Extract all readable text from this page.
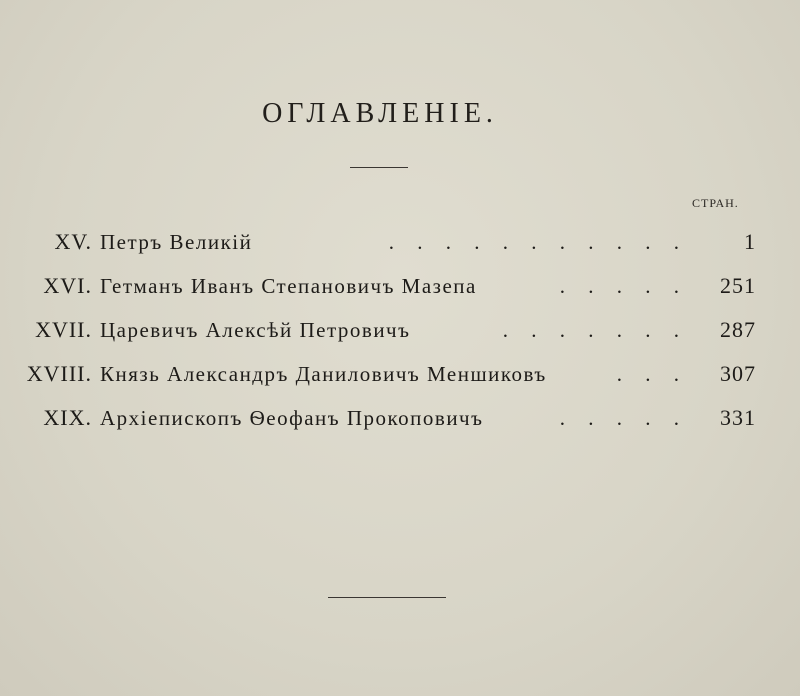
ОГЛАВЛЕНІЕ.
СТРАН.
XV. Петръ Великій	. . . . . . . . . . .	1
XVI. Гетманъ Иванъ Степановичъ Мазепа	. . . . .	251
XVII. Царевичъ Алексѣй Петровичъ	. . . . . . .	287
XVIII. Князь Александръ Даниловичъ Меншиковъ	. . .	307
XIX. Архіепископъ Ѳеофанъ Прокоповичъ	. . . . .	331
